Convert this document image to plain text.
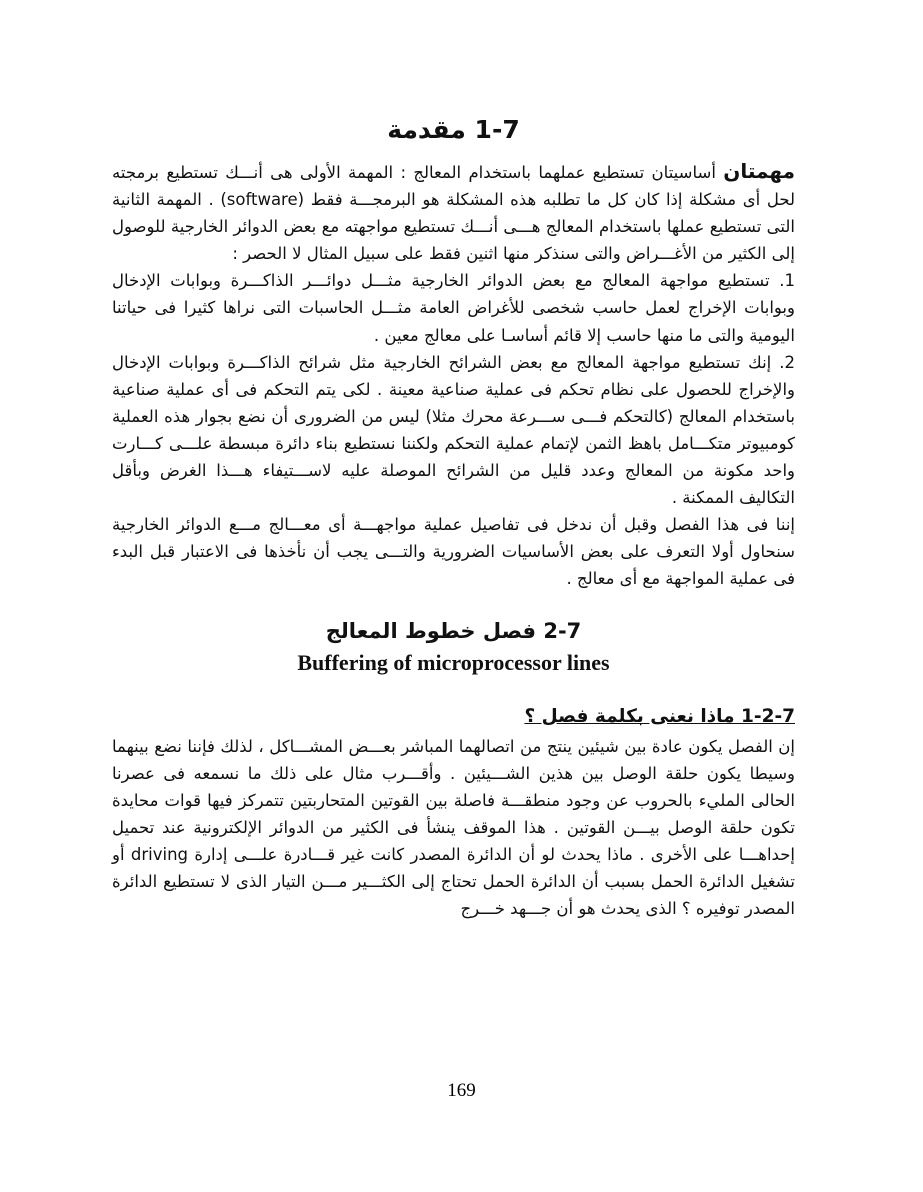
1-7 مقدمة

مهمتان أساسيتان تستطيع عملهما باستخدام المعالج : المهمة الأولى هى أنـــك تستطيع برمجته لحل أى مشكلة إذا كان كل ما تطلبه هذه المشكلة هو البرمجـــة فقط (software) . المهمة الثانية التى تستطيع عملها باستخدام المعالج هـــى أنـــك تستطيع مواجهته مع بعض الدوائر الخارجية للوصول إلى الكثير من الأغـــراض والتى سنذكر منها اثنين فقط على سبيل المثال لا الحصر :

1. تستطيع مواجهة المعالج مع بعض الدوائر الخارجية مثـــل دوائـــر الذاكـــرة وبوابات الإدخال وبوابات الإخراج لعمل حاسب شخصى للأغراض العامة مثـــل الحاسبات التى نراها كثيرا فى حياتنا اليومية والتى ما منها حاسب إلا قائم أساسـا على معالج معين .

2. إنك تستطيع مواجهة المعالج مع بعض الشرائح الخارجية مثل شرائح الذاكـــرة وبوابات الإدخال والإخراج للحصول على نظام تحكم فى عملية صناعية معينة . لكى يتم التحكم فى أى عملية صناعية باستخدام المعالج (كالتحكم فـــى ســـرعة محرك مثلا) ليس من الضرورى أن نضع بجوار هذه العملية كومبيوتر متكـــامل باهظ الثمن لإتمام عملية التحكم ولكننا نستطيع بناء دائرة مبسطة علـــى كـــارت واحد مكونة من المعالج وعدد قليل من الشرائح الموصلة عليه لاســـتيفاء هـــذا الغرض وبأقل التكاليف الممكنة .

إننا فى هذا الفصل وقبل أن ندخل فى تفاصيل عملية مواجهـــة أى معـــالج مـــع الدوائر الخارجية سنحاول أولا التعرف على بعض الأساسيات الضرورية والتـــى يجب أن نأخذها فى الاعتبار قبل البدء فى عملية المواجهة مع أى معالج .

2-7 فصل خطوط المعالج
Buffering of microprocessor lines
1-2-7 ماذا نعنى بكلمة فصل ؟

إن الفصل يكون عادة بين شيئين ينتج من اتصالهما المباشر بعـــض المشـــاكل ، لذلك فإننا نضع بينهما وسيطا يكون حلقة الوصل بين هذين الشـــيئين . وأقـــرب مثال على ذلك ما نسمعه فى عصرنا الحالى المليء بالحروب عن وجود منطقـــة فاصلة بين القوتين المتحاربتين تتمركز فيها قوات محايدة تكون حلقة الوصل بيـــن القوتين . هذا الموقف ينشأ فى الكثير من الدوائر الإلكترونية عند تحميل إحداهـــا على الأخرى . ماذا يحدث لو أن الدائرة المصدر كانت غير قـــادرة علـــى إدارة driving أو تشغيل الدائرة الحمل بسبب أن الدائرة الحمل تحتاج إلى الكثـــير مـــن التيار الذى لا تستطيع الدائرة المصدر توفيره ؟ الذى يحدث هو أن جـــهد خـــرج

169
